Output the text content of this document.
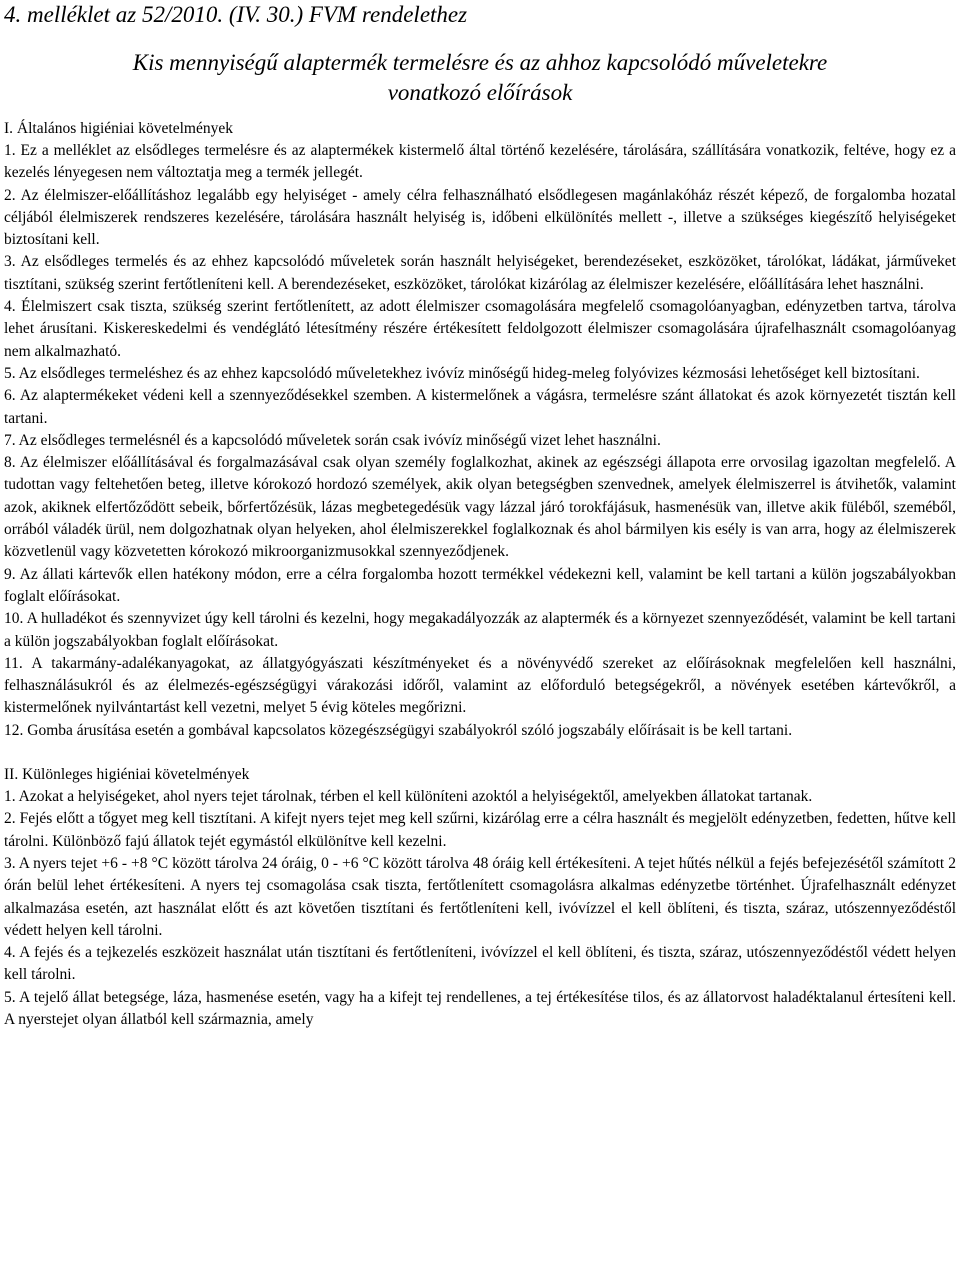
4. melléklet az 52/2010. (IV. 30.) FVM rendelethez
Kis mennyiségű alaptermék termelésre és az ahhoz kapcsolódó műveletekre
vonatkozó előírások
I. Általános higiéniai követelmények

1. Ez a melléklet az elsődleges termelésre és az alaptermékek kistermelő által történő kezelésére, tárolására, szállítására vonatkozik, feltéve, hogy ez a kezelés lényegesen nem változtatja meg a termék jellegét.

2. Az élelmiszer-előállításhoz legalább egy helyiséget - amely célra felhasználható elsődlegesen magánlakóház részét képező, de forgalomba hozatal céljából élelmiszerek rendszeres kezelésére, tárolására használt helyiség is, időbeni elkülönítés mellett -, illetve a szükséges kiegészítő helyiségeket biztosítani kell.

3. Az elsődleges termelés és az ehhez kapcsolódó műveletek során használt helyiségeket, berendezéseket, eszközöket, tárolókat, ládákat, járműveket tisztítani, szükség szerint fertőtleníteni kell. A berendezéseket, eszközöket, tárolókat kizárólag az élelmiszer kezelésére, előállítására lehet használni.

4. Élelmiszert csak tiszta, szükség szerint fertőtlenített, az adott élelmiszer csomagolására megfelelő csomagolóanyagban, edényzetben tartva, tárolva lehet árusítani. Kiskereskedelmi és vendéglátó létesítmény részére értékesített feldolgozott élelmiszer csomagolására újrafelhasznált csomagolóanyag nem alkalmazható.

5. Az elsődleges termeléshez és az ehhez kapcsolódó műveletekhez ivóvíz minőségű hideg-meleg folyóvizes kézmosási lehetőséget kell biztosítani.

6. Az alaptermékeket védeni kell a szennyeződésekkel szemben. A kistermelőnek a vágásra, termelésre szánt állatokat és azok környezetét tisztán kell tartani.

7. Az elsődleges termelésnél és a kapcsolódó műveletek során csak ivóvíz minőségű vizet lehet használni.

8. Az élelmiszer előállításával és forgalmazásával csak olyan személy foglalkozhat, akinek az egészségi állapota erre orvosilag igazoltan megfelelő. A tudottan vagy feltehetően beteg, illetve kórokozó hordozó személyek, akik olyan betegségben szenvednek, amelyek élelmiszerrel is átvihetők, valamint azok, akiknek elfertőződött sebeik, bőrfertőzésük, lázas megbetegedésük vagy lázzal járó torokfájásuk, hasmenésük van, illetve akik füléből, szeméből, orrából váladék ürül, nem dolgozhatnak olyan helyeken, ahol élelmiszerekkel foglalkoznak és ahol bármilyen kis esély is van arra, hogy az élelmiszerek közvetlenül vagy közvetetten kórokozó mikroorganizmusokkal szennyeződjenek.

9. Az állati kártevők ellen hatékony módon, erre a célra forgalomba hozott termékkel védekezni kell, valamint be kell tartani a külön jogszabályokban foglalt előírásokat.

10. A hulladékot és szennyvizet úgy kell tárolni és kezelni, hogy megakadályozzák az alaptermék és a környezet szennyeződését, valamint be kell tartani a külön jogszabályokban foglalt előírásokat.

11. A takarmány-adalékanyagokat, az állatgyógyászati készítményeket és a növényvédő szereket az előírásoknak megfelelően kell használni, felhasználásukról és az élelmezés-egészségügyi várakozási időről, valamint az előforduló betegségekről, a növények esetében kártevőkről, a kistermelőnek nyilvántartást kell vezetni, melyet 5 évig köteles megőrizni.

12. Gomba árusítása esetén a gombával kapcsolatos közegészségügyi szabályokról szóló jogszabály előírásait is be kell tartani.

II. Különleges higiéniai követelmények

1. Azokat a helyiségeket, ahol nyers tejet tárolnak, térben el kell különíteni azoktól a helyiségektől, amelyekben állatokat tartanak.

2. Fejés előtt a tőgyet meg kell tisztítani. A kifejt nyers tejet meg kell szűrni, kizárólag erre a célra használt és megjelölt edényzetben, fedetten, hűtve kell tárolni. Különböző fajú állatok tejét egymástól elkülönítve kell kezelni.

3. A nyers tejet +6 - +8 °C között tárolva 24 óráig, 0 - +6 °C között tárolva 48 óráig kell értékesíteni. A tejet hűtés nélkül a fejés befejezésétől számított 2 órán belül lehet értékesíteni. A nyers tej csomagolása csak tiszta, fertőtlenített csomagolásra alkalmas edényzetbe történhet. Újrafelhasznált edényzet alkalmazása esetén, azt használat előtt és azt követően tisztítani és fertőtleníteni kell, ivóvízzel el kell öblíteni, és tiszta, száraz, utószennyeződéstől védett helyen kell tárolni.

4. A fejés és a tejkezelés eszközeit használat után tisztítani és fertőtleníteni, ivóvízzel el kell öblíteni, és tiszta, száraz, utószennyeződéstől védett helyen kell tárolni.

5. A tejelő állat betegsége, láza, hasmenése esetén, vagy ha a kifejt tej rendellenes, a tej értékesítése tilos, és az állatorvost haladéktalanul értesíteni kell. A nyerstejet olyan állatból kell származnia, amely
